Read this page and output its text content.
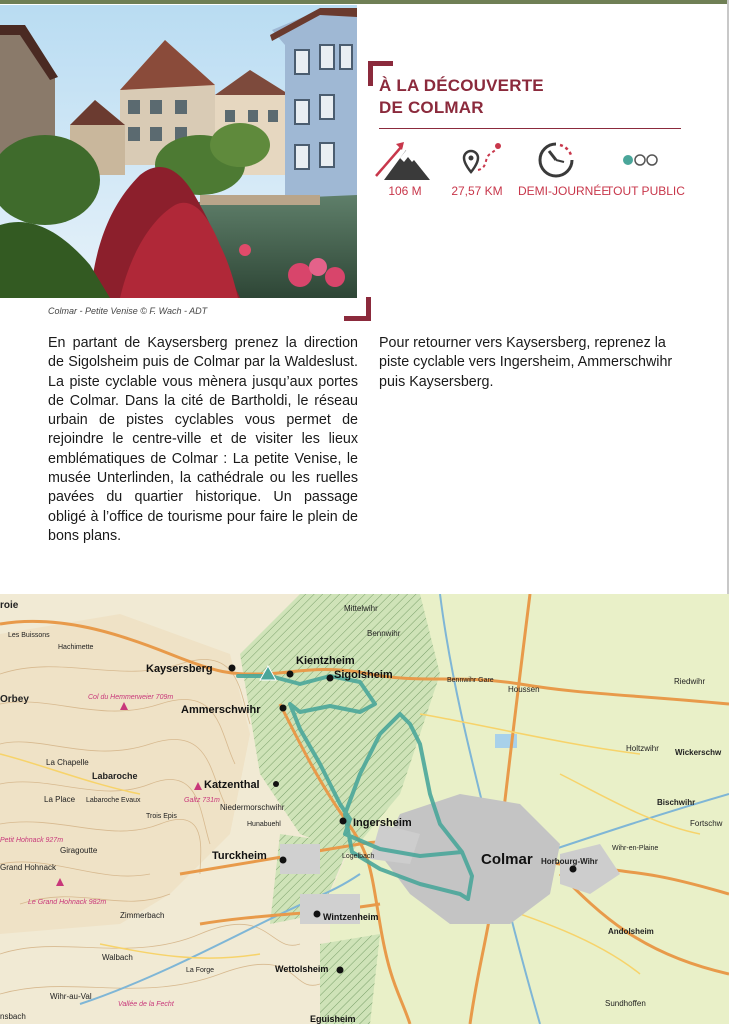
À LA DÉCOUVERTE
DE COLMAR
106 M	27,57 KM	DEMI-JOURNÉE
TOUT PUBLIC
Colmar - Petite Venise © F. Wach - ADT
En partant de Kaysersberg prenez la direction de Sigolsheim puis de Colmar par la Waldeslust. La piste cyclable vous mènera jusqu’aux portes de Colmar. Dans la cité de Bartholdi, le réseau urbain de pistes cyclables vous permet de rejoindre le centre-ville et de visiter les lieux emblématiques de Colmar : La petite Venise, le musée Unterlinden, la cathédrale ou les ruelles pavées du quartier historique. Un passage obligé à l’office de tourisme pour faire le plein de bons plans.
Pour retourner vers Kaysersberg, reprenez la piste cyclable vers Ingersheim, Ammerschwihr puis Kaysersberg.
Kaysersberg
Kientzheim
Sigolsheim
Ammerschwihr
Katzenthal
Ingersheim
Turckheim	Colmar
Wintzenheim
Wettolsheim
Eguisheim
Mittelwihr
Bennwihr
Bennwihr Gare
Houssen
Riedwihr
Holtzwihr Wickerschw
Bischwihr
Fortschw
Wihr-en-Plaine
Horbourg-Wihr
Andolsheim
Sundhoffen
Niedermorschwihr
Hunabuehl
Logelbach
Trois Epis
Labaroche
La Chapelle
La Place Labaroche Evaux
Giragoutte
Grand Hohnack
Zimmerbach
Walbach
La Forge
Wihr-au-Val
Les Buissons
Hachimette
Orbey
roie
nsbach
Col du Hemmerweier 709m
Galtz 731m
Petit Hohnack 927m
Le Grand Hohnack 982m
Vallée de la Fecht
